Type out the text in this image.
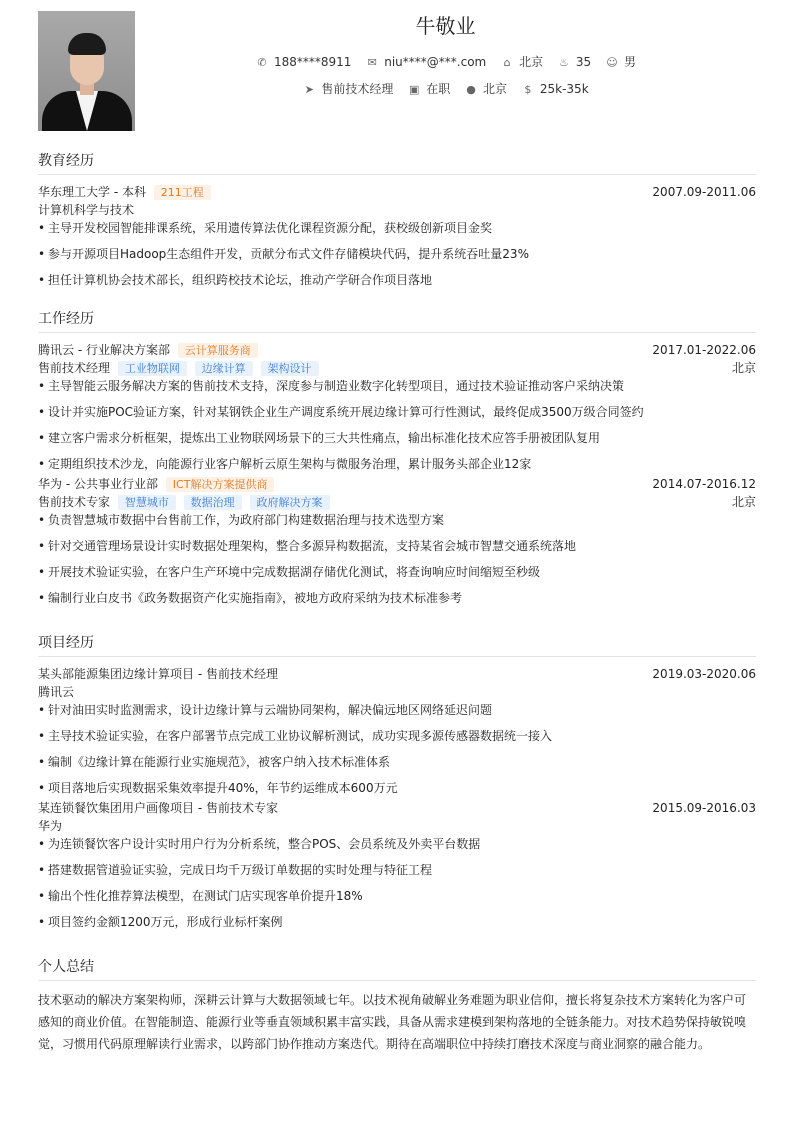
牛敬业
✆ 188****8911 ✉ niu****@***.com ⌂ 北京 ♨ 35 ☺ 男
➤ 售前技术经理 ▣ 在职 ● 北京 $ 25k-35k
教育经历
华东理工大学 - 本科 211工程	2007.09-2011.06
计算机科学与技术
• 主导开发校园智能排课系统，采用遗传算法优化课程资源分配，获校级创新项目金奖
• 参与开源项目Hadoop生态组件开发，贡献分布式文件存储模块代码，提升系统吞吐量23%
• 担任计算机协会技术部长，组织跨校技术论坛，推动产学研合作项目落地
工作经历
腾讯云 - 行业解决方案部 云计算服务商	2017.01-2022.06
售前技术经理 工业物联网 边缘计算 架构设计	北京
• 主导智能云服务解决方案的售前技术支持，深度参与制造业数字化转型项目，通过技术验证推动客户采纳决策
• 设计并实施POC验证方案，针对某钢铁企业生产调度系统开展边缘计算可行性测试，最终促成3500万级合同签约
• 建立客户需求分析框架，提炼出工业物联网场景下的三大共性痛点，输出标准化技术应答手册被团队复用
• 定期组织技术沙龙，向能源行业客户解析云原生架构与微服务治理，累计服务头部企业12家
华为 - 公共事业行业部 ICT解决方案提供商	2014.07-2016.12
售前技术专家 智慧城市 数据治理 政府解决方案	北京
• 负责智慧城市数据中台售前工作，为政府部门构建数据治理与技术选型方案
• 针对交通管理场景设计实时数据处理架构，整合多源异构数据流，支持某省会城市智慧交通系统落地
• 开展技术验证实验，在客户生产环境中完成数据湖存储优化测试，将查询响应时间缩短至秒级
• 编制行业白皮书《政务数据资产化实施指南》，被地方政府采纳为技术标准参考
项目经历
某头部能源集团边缘计算项目 - 售前技术经理	2019.03-2020.06
腾讯云
• 针对油田实时监测需求，设计边缘计算与云端协同架构，解决偏远地区网络延迟问题
• 主导技术验证实验，在客户部署节点完成工业协议解析测试，成功实现多源传感器数据统一接入
• 编制《边缘计算在能源行业实施规范》，被客户纳入技术标准体系
• 项目落地后实现数据采集效率提升40%，年节约运维成本600万元
某连锁餐饮集团用户画像项目 - 售前技术专家	2015.09-2016.03
华为
• 为连锁餐饮客户设计实时用户行为分析系统，整合POS、会员系统及外卖平台数据
• 搭建数据管道验证实验，完成日均千万级订单数据的实时处理与特征工程
• 输出个性化推荐算法模型，在测试门店实现客单价提升18%
• 项目签约金额1200万元，形成行业标杆案例
个人总结
技术驱动的解决方案架构师，深耕云计算与大数据领域七年。以技术视角破解业务难题为职业信仰，擅长将复杂技术方案转化为客户可感知的商业价值。在智能制造、能源行业等垂直领域积累丰富实践，具备从需求建模到架构落地的全链条能力。对技术趋势保持敏锐嗅觉，习惯用代码原理解读行业需求，以跨部门协作推动方案迭代。期待在高端职位中持续打磨技术深度与商业洞察的融合能力。
